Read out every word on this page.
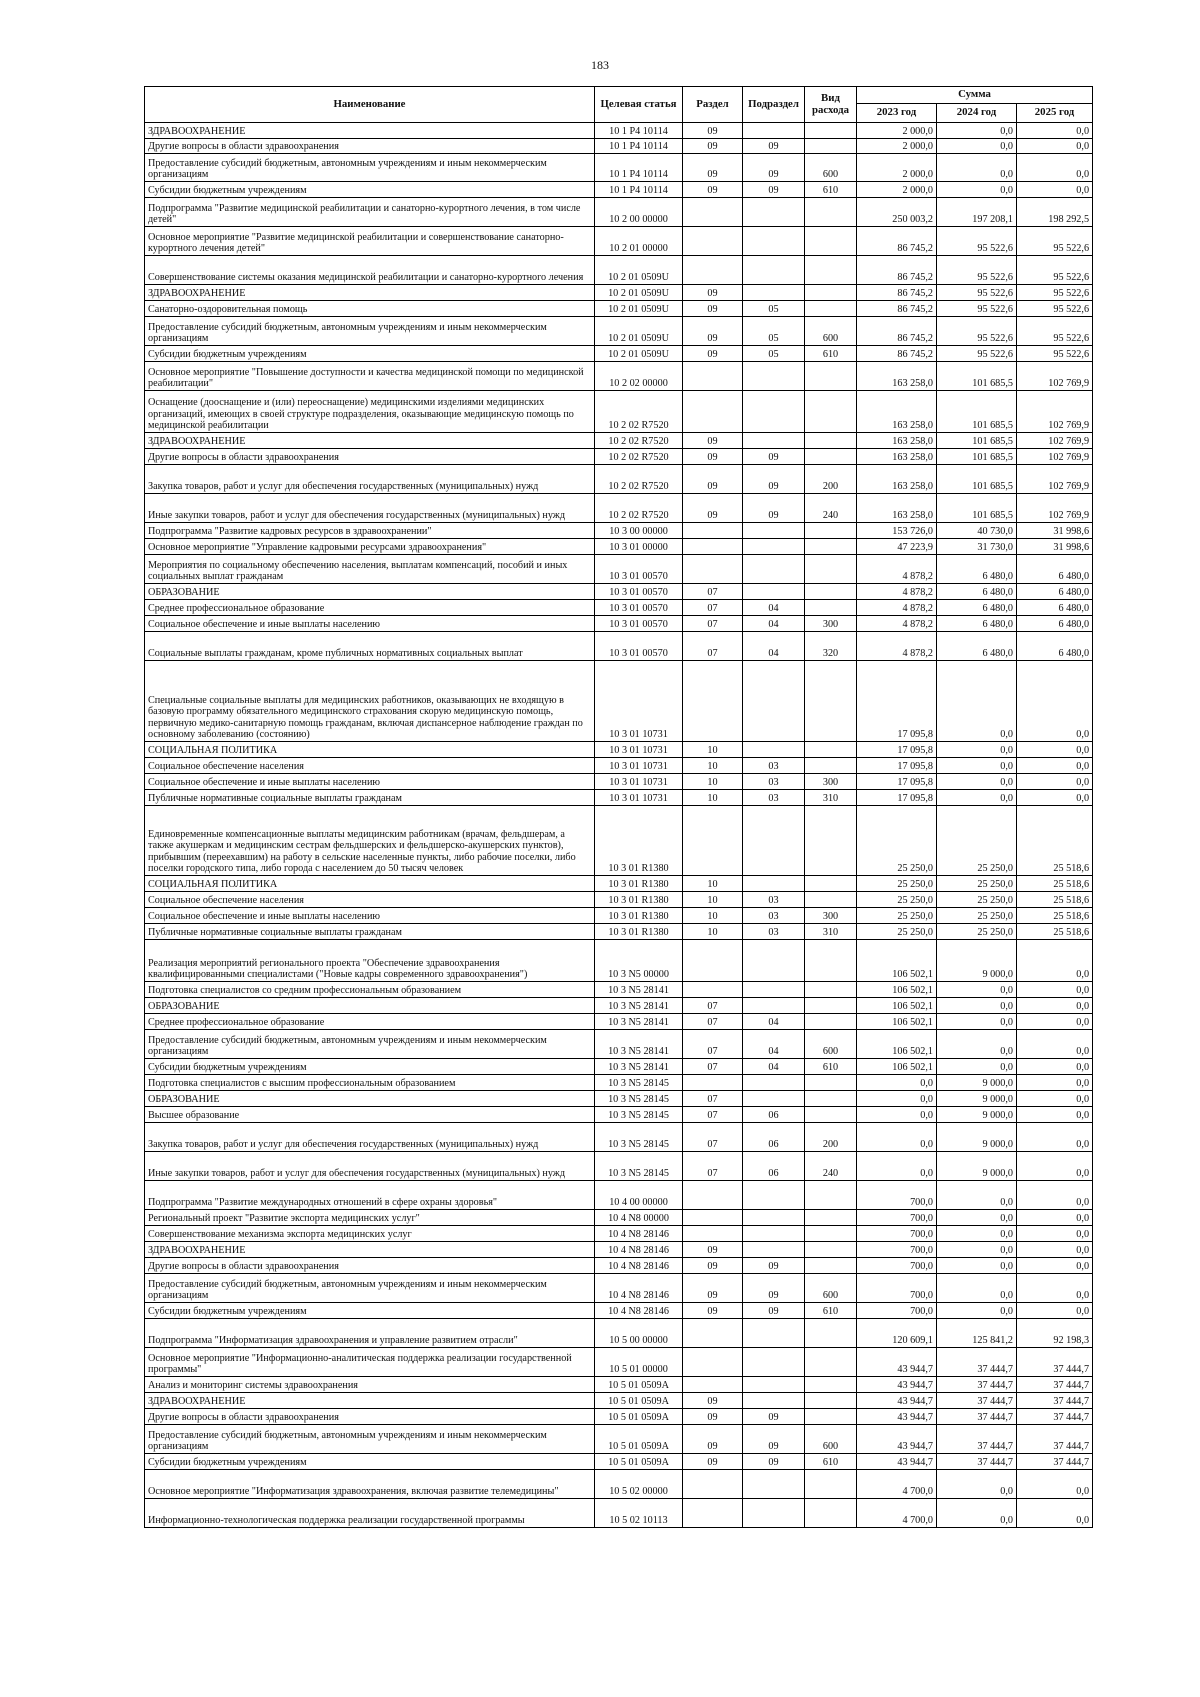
183
Наименование	Целевая статья	Раздел	Подраздел	Вид расхода	Сумма		
					2023 год	2024 год	2025 год
ЗДРАВООХРАНЕНИЕ	10 1 P4 10114	09			2 000,0	0,0	0,0
Другие вопросы в области здравоохранения	10 1 P4 10114	09	09		2 000,0	0,0	0,0
Предоставление субсидий бюджетным, автономным учреждениям и иным некоммерческим организациям	10 1 P4 10114	09	09	600	2 000,0	0,0	0,0
Субсидии бюджетным учреждениям	10 1 P4 10114	09	09	610	2 000,0	0,0	0,0
Подпрограмма "Развитие медицинской реабилитации и санаторно-курортного лечения, в том числе детей"	10 2 00 00000				250 003,2	197 208,1	198 292,5
Основное мероприятие "Развитие медицинской реабилитации и совершенствование санаторно-курортного лечения детей"	10 2 01 00000				86 745,2	95 522,6	95 522,6
Совершенствование системы оказания медицинской реабилитации и санаторно-курортного лечения	10 2 01 0509U				86 745,2	95 522,6	95 522,6
ЗДРАВООХРАНЕНИЕ	10 2 01 0509U	09			86 745,2	95 522,6	95 522,6
Санаторно-оздоровительная помощь	10 2 01 0509U	09	05		86 745,2	95 522,6	95 522,6
Предоставление субсидий бюджетным, автономным учреждениям и иным некоммерческим организациям	10 2 01 0509U	09	05	600	86 745,2	95 522,6	95 522,6
Субсидии бюджетным учреждениям	10 2 01 0509U	09	05	610	86 745,2	95 522,6	95 522,6
Основное мероприятие "Повышение доступности и качества медицинской помощи по медицинской реабилитации"	10 2 02 00000				163 258,0	101 685,5	102 769,9
Оснащение (дооснащение и (или) переоснащение) медицинскими изделиями медицинских организаций, имеющих в своей структуре подразделения, оказывающие медицинскую помощь по медицинской реабилитации	10 2 02 R7520				163 258,0	101 685,5	102 769,9
ЗДРАВООХРАНЕНИЕ	10 2 02 R7520	09			163 258,0	101 685,5	102 769,9
Другие вопросы в области здравоохранения	10 2 02 R7520	09	09		163 258,0	101 685,5	102 769,9
Закупка товаров, работ и услуг для обеспечения государственных (муниципальных) нужд	10 2 02 R7520	09	09	200	163 258,0	101 685,5	102 769,9
Иные закупки товаров, работ и услуг для обеспечения государственных (муниципальных) нужд	10 2 02 R7520	09	09	240	163 258,0	101 685,5	102 769,9
Подпрограмма "Развитие кадровых ресурсов в здравоохранении"	10 3 00 00000				153 726,0	40 730,0	31 998,6
Основное мероприятие "Управление кадровыми ресурсами здравоохранения"	10 3 01 00000				47 223,9	31 730,0	31 998,6
Мероприятия по социальному обеспечению населения, выплатам компенсаций, пособий и иных социальных выплат гражданам	10 3 01 00570				4 878,2	6 480,0	6 480,0
ОБРАЗОВАНИЕ	10 3 01 00570	07			4 878,2	6 480,0	6 480,0
Среднее профессиональное образование	10 3 01 00570	07	04		4 878,2	6 480,0	6 480,0
Социальное обеспечение и иные выплаты населению	10 3 01 00570	07	04	300	4 878,2	6 480,0	6 480,0
Социальные выплаты гражданам, кроме публичных нормативных социальных выплат	10 3 01 00570	07	04	320	4 878,2	6 480,0	6 480,0
Специальные социальные выплаты для медицинских работников, оказывающих не входящую в базовую программу обязательного медицинского страхования скорую медицинскую помощь, первичную медико-санитарную помощь гражданам, включая диспансерное наблюдение граждан по основному заболеванию (состоянию)	10 3 01 10731				17 095,8	0,0	0,0
СОЦИАЛЬНАЯ ПОЛИТИКА	10 3 01 10731	10			17 095,8	0,0	0,0
Социальное обеспечение населения	10 3 01 10731	10	03		17 095,8	0,0	0,0
Социальное обеспечение и иные выплаты населению	10 3 01 10731	10	03	300	17 095,8	0,0	0,0
Публичные нормативные социальные выплаты гражданам	10 3 01 10731	10	03	310	17 095,8	0,0	0,0
Единовременные компенсационные выплаты медицинским работникам (врачам, фельдшерам, а также акушеркам и медицинским сестрам фельдшерских и фельдшерско-акушерских пунктов), прибывшим (переехавшим) на работу в сельские населенные пункты, либо рабочие поселки, либо поселки городского типа, либо города с населением до 50 тысяч человек	10 3 01 R1380				25 250,0	25 250,0	25 518,6
СОЦИАЛЬНАЯ ПОЛИТИКА	10 3 01 R1380	10			25 250,0	25 250,0	25 518,6
Социальное обеспечение населения	10 3 01 R1380	10	03		25 250,0	25 250,0	25 518,6
Социальное обеспечение и иные выплаты населению	10 3 01 R1380	10	03	300	25 250,0	25 250,0	25 518,6
Публичные нормативные социальные выплаты гражданам	10 3 01 R1380	10	03	310	25 250,0	25 250,0	25 518,6
Реализация мероприятий регионального проекта "Обеспечение здравоохранения квалифицированными специалистами ("Новые кадры современного здравоохранения")	10 3 N5 00000				106 502,1	9 000,0	0,0
Подготовка специалистов со средним профессиональным образованием	10 3 N5 28141				106 502,1	0,0	0,0
ОБРАЗОВАНИЕ	10 3 N5 28141	07			106 502,1	0,0	0,0
Среднее профессиональное образование	10 3 N5 28141	07	04		106 502,1	0,0	0,0
Предоставление субсидий бюджетным, автономным учреждениям и иным некоммерческим организациям	10 3 N5 28141	07	04	600	106 502,1	0,0	0,0
Субсидии бюджетным учреждениям	10 3 N5 28141	07	04	610	106 502,1	0,0	0,0
Подготовка специалистов с высшим профессиональным образованием	10 3 N5 28145				0,0	9 000,0	0,0
ОБРАЗОВАНИЕ	10 3 N5 28145	07			0,0	9 000,0	0,0
Высшее образование	10 3 N5 28145	07	06		0,0	9 000,0	0,0
Закупка товаров, работ и услуг для обеспечения государственных (муниципальных) нужд	10 3 N5 28145	07	06	200	0,0	9 000,0	0,0
Иные закупки товаров, работ и услуг для обеспечения государственных (муниципальных) нужд	10 3 N5 28145	07	06	240	0,0	9 000,0	0,0
Подпрограмма "Развитие международных отношений в сфере охраны здоровья"	10 4 00 00000				700,0	0,0	0,0
Региональный проект "Развитие экспорта медицинских услуг"	10 4 N8 00000				700,0	0,0	0,0
Совершенствование механизма экспорта медицинских услуг	10 4 N8 28146				700,0	0,0	0,0
ЗДРАВООХРАНЕНИЕ	10 4 N8 28146	09			700,0	0,0	0,0
Другие вопросы в области здравоохранения	10 4 N8 28146	09	09		700,0	0,0	0,0
Предоставление субсидий бюджетным, автономным учреждениям и иным некоммерческим организациям	10 4 N8 28146	09	09	600	700,0	0,0	0,0
Субсидии бюджетным учреждениям	10 4 N8 28146	09	09	610	700,0	0,0	0,0
Подпрограмма "Информатизация здравоохранения и управление развитием отрасли"	10 5 00 00000				120 609,1	125 841,2	92 198,3
Основное мероприятие "Информационно-аналитическая поддержка реализации государственной программы"	10 5 01 00000				43 944,7	37 444,7	37 444,7
Анализ и мониторинг системы здравоохранения	10 5 01 0509A				43 944,7	37 444,7	37 444,7
ЗДРАВООХРАНЕНИЕ	10 5 01 0509A	09			43 944,7	37 444,7	37 444,7
Другие вопросы в области здравоохранения	10 5 01 0509A	09	09		43 944,7	37 444,7	37 444,7
Предоставление субсидий бюджетным, автономным учреждениям и иным некоммерческим организациям	10 5 01 0509A	09	09	600	43 944,7	37 444,7	37 444,7
Субсидии бюджетным учреждениям	10 5 01 0509A	09	09	610	43 944,7	37 444,7	37 444,7
Основное мероприятие "Информатизация здравоохранения, включая развитие телемедицины"	10 5 02 00000				4 700,0	0,0	0,0
Информационно-технологическая поддержка реализации государственной программы	10 5 02 10113				4 700,0	0,0	0,0
